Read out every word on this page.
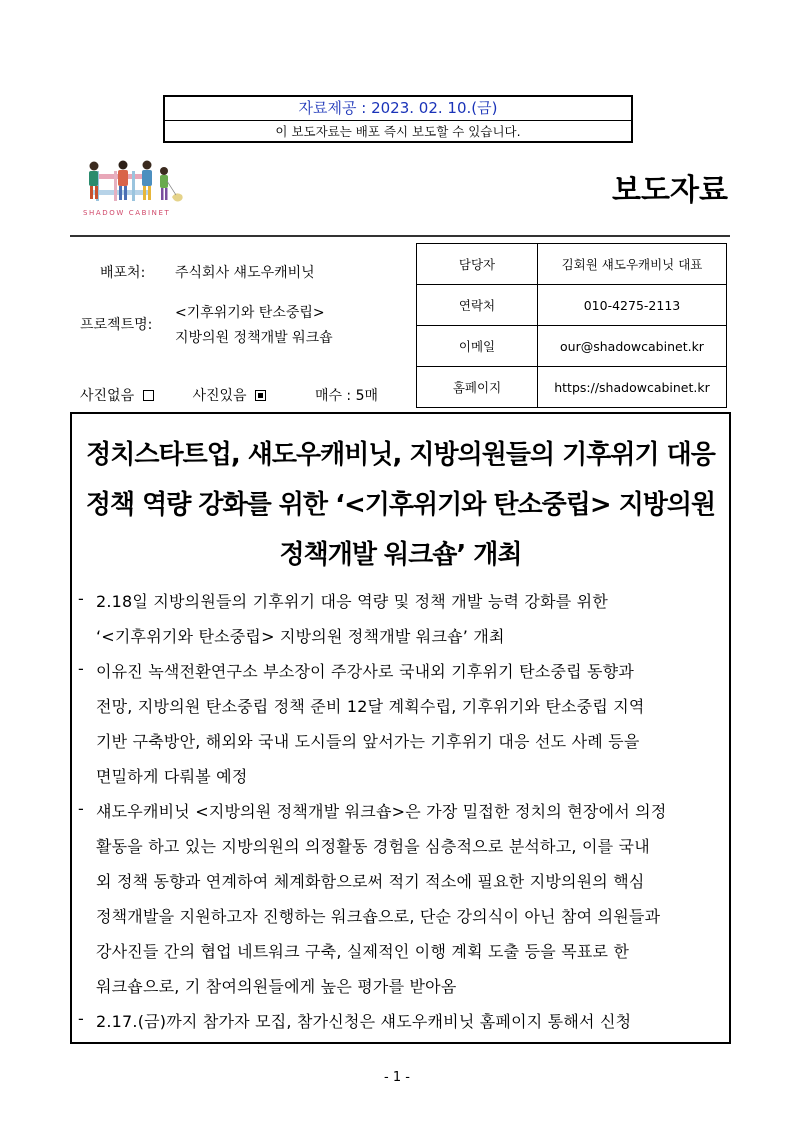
자료제공 : 2023. 02. 10.(금)
이 보도자료는 배포 즉시 보도할 수 있습니다.
SHADOW CABINET
보도자료
배포처: 주식회사 섀도우캐비닛
프로젝트명:
<기후위기와 탄소중립>
지방의원 정책개발 워크숍
사진없음	사진있음	매수 : 5매
담당자	김회원 섀도우캐비닛 대표
연락처	010-4275-2113
이메일	our@shadowcabinet.kr
홈페이지	https://shadowcabinet.kr
정치스타트업, 섀도우캐비닛, 지방의원들의 기후위기 대응
정책 역량 강화를 위한 ‘<기후위기와 탄소중립> 지방의원
정책개발 워크숍’ 개최
- 2.18일 지방의원들의 기후위기 대응 역량 및 정책 개발 능력 강화를 위한
‘<기후위기와 탄소중립> 지방의원 정책개발 워크숍’ 개최
- 이유진 녹색전환연구소 부소장이 주강사로 국내외 기후위기 탄소중립 동향과
전망, 지방의원 탄소중립 정책 준비 12달 계획수립, 기후위기와 탄소중립 지역
기반 구축방안, 해외와 국내 도시들의 앞서가는 기후위기 대응 선도 사례 등을
면밀하게 다뤄볼 예정
- 섀도우캐비닛 <지방의원 정책개발 워크숍>은 가장 밀접한 정치의 현장에서 의정
활동을 하고 있는 지방의원의 의정활동 경험을 심층적으로 분석하고, 이를 국내
외 정책 동향과 연계하여 체계화함으로써 적기 적소에 필요한 지방의원의 핵심
정책개발을 지원하고자 진행하는 워크숍으로, 단순 강의식이 아닌 참여 의원들과
강사진들 간의 협업 네트워크 구축, 실제적인 이행 계획 도출 등을 목표로 한
워크숍으로, 기 참여의원들에게 높은 평가를 받아옴
- 2.17.(금)까지 참가자 모집, 참가신청은 섀도우캐비닛 홈페이지 통해서 신청
- 1 -
